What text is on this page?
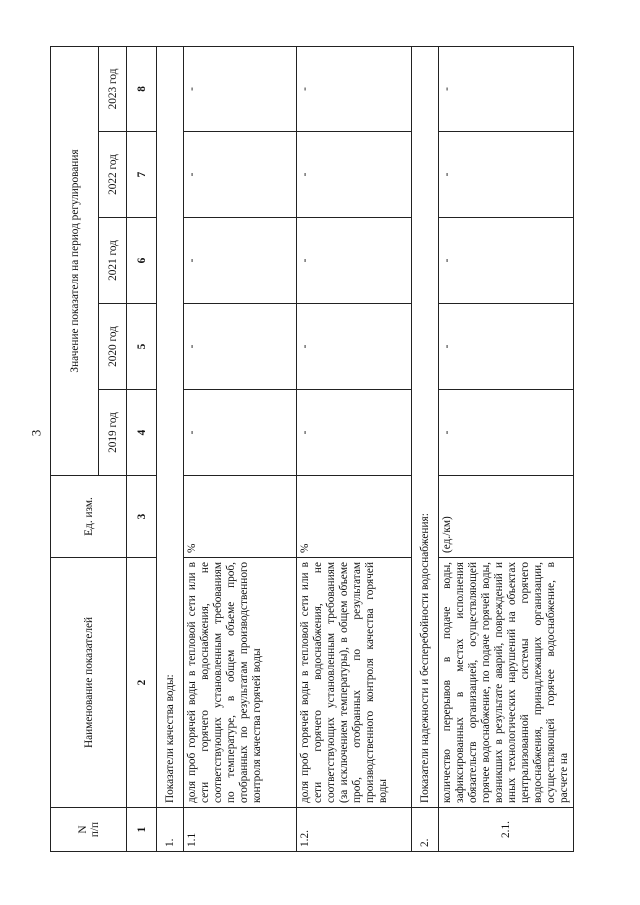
3
N
п/п	Наименование показателей	Ед. изм.	Значение показателя на период регулирования				
			2019 год	2020 год	2021 год	2022 год	2023 год
1	2	3	4	5	6	7	8
1.	Показатели качества воды:						
1.1	доля проб горячей воды в тепловой сети или в сети горячего водоснабжения, не соответствующих установленным требованиям по температуре, в общем объеме проб, отобранных по результатам производственного контроля качества горячей воды	%	-	-	-	-	-
1.2.	доля проб горячей воды в тепловой сети или в сети горячего водоснабжения, не соответствующих установленным требованиям (за исключением температуры), в общем объеме проб, отобранных по результатам производственного контроля качества горячей воды	%	-	-	-	-	-
2.	Показатели надежности и бесперебойности водоснабжения:						
2.1.	количество перерывов в подаче воды, зафиксированных в местах исполнения обязательств организацией, осуществляющей горячее водоснабжение, по подаче горячей воды, возникших в результате аварий, повреждений и иных технологических нарушений на объектах централизованной системы горячего водоснабжения, принадлежащих организации, осуществляющей горячее водоснабжение, в расчете на	(ед./км)	-	-	-	-	-
